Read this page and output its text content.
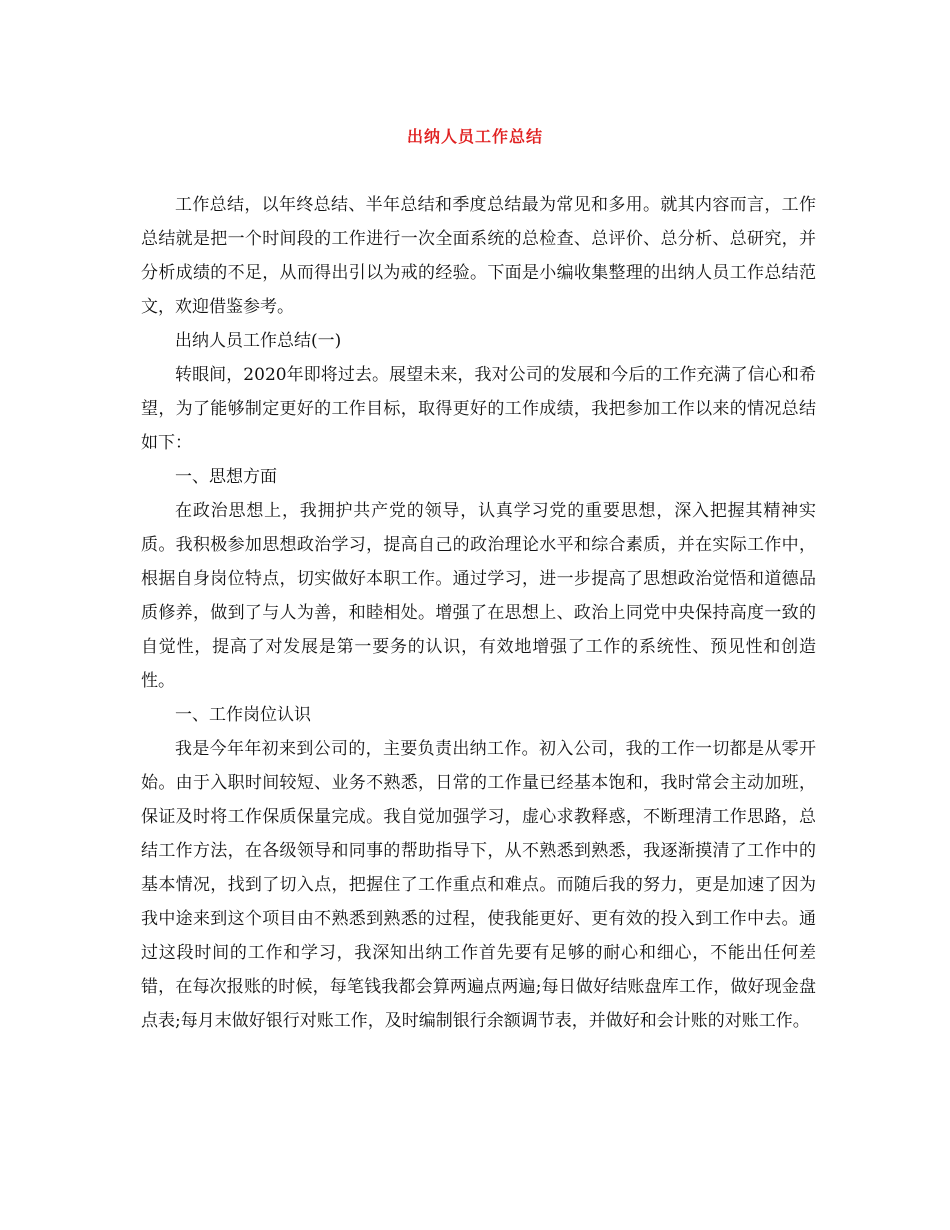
出纳人员工作总结

工作总结，以年终总结、半年总结和季度总结最为常见和多用。就其内容而言，工作总结就是把一个时间段的工作进行一次全面系统的总检查、总评价、总分析、总研究，并分析成绩的不足，从而得出引以为戒的经验。下面是小编收集整理的出纳人员工作总结范文，欢迎借鉴参考。

出纳人员工作总结(一)

转眼间，2020年即将过去。展望未来，我对公司的发展和今后的工作充满了信心和希望，为了能够制定更好的工作目标，取得更好的工作成绩，我把参加工作以来的情况总结如下：

一、思想方面

在政治思想上，我拥护共产党的领导，认真学习党的重要思想，深入把握其精神实质。我积极参加思想政治学习，提高自己的政治理论水平和综合素质，并在实际工作中，根据自身岗位特点，切实做好本职工作。通过学习，进一步提高了思想政治觉悟和道德品质修养，做到了与人为善，和睦相处。增强了在思想上、政治上同党中央保持高度一致的自觉性，提高了对发展是第一要务的认识，有效地增强了工作的系统性、预见性和创造性。

一、工作岗位认识

我是今年年初来到公司的，主要负责出纳工作。初入公司，我的工作一切都是从零开始。由于入职时间较短、业务不熟悉，日常的工作量已经基本饱和，我时常会主动加班，保证及时将工作保质保量完成。我自觉加强学习，虚心求教释惑，不断理清工作思路，总结工作方法，在各级领导和同事的帮助指导下，从不熟悉到熟悉，我逐渐摸清了工作中的基本情况，找到了切入点，把握住了工作重点和难点。而随后我的努力，更是加速了因为我中途来到这个项目由不熟悉到熟悉的过程，使我能更好、更有效的投入到工作中去。通过这段时间的工作和学习，我深知出纳工作首先要有足够的耐心和细心，不能出任何差错，在每次报账的时候，每笔钱我都会算两遍点两遍;每日做好结账盘库工作，做好现金盘点表;每月末做好银行对账工作，及时编制银行余额调节表，并做好和会计账的对账工作。
